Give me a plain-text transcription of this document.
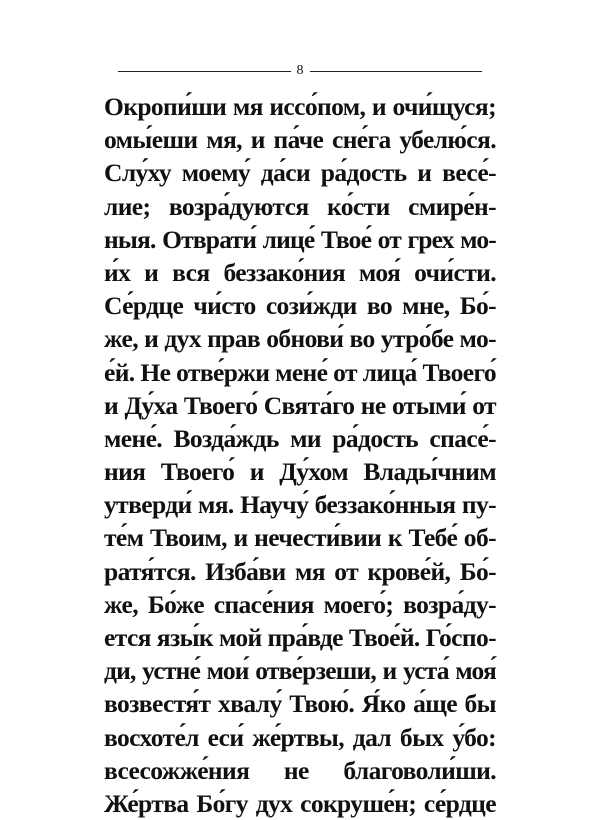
8
Окропи́ши мя иссо́пом, и очи́щуся;
омы́еши мя, и па́че сне́га убелю́ся.
Слу́ху моему́ да́си ра́дость и весе́-
лие; возра́дуются ко́сти смире́н-
ныя. Отврати́ лице́ Твое́ от грех мо-
и́х и вся беззако́ния моя́ очи́сти.
Се́рдце чи́сто сози́жди во мне, Бо́-
же, и дух прав обнови́ во утро́бе мо-
е́й. Не отве́ржи мене́ от лица́ Твоего́
и Ду́ха Твоего́ Свята́го не отыми́ от
мене́. Возда́ждь ми ра́дость спасе́-
ния Твоего́ и Ду́хом Влады́чним
утверди́ мя. Научу́ беззако́нныя пу-
те́м Твоим, и нечести́вии к Тебе́ об-
ратя́тся. Изба́ви мя от крове́й, Бо́-
же, Бо́же спасе́ния моего́; возра́ду-
ется язы́к мой пра́вде Твое́й. Го́спо-
ди, устне́ мои́ отве́рзеши, и уста́ моя́
возвестя́т хвалу́ Твою́. Я́ко а́ще бы
восхоте́л еси́ же́ртвы, дал бых у́бо:
всесожже́ния не благоволи́ши.
Же́ртва Бо́гу дух сокруше́н; се́рдце
